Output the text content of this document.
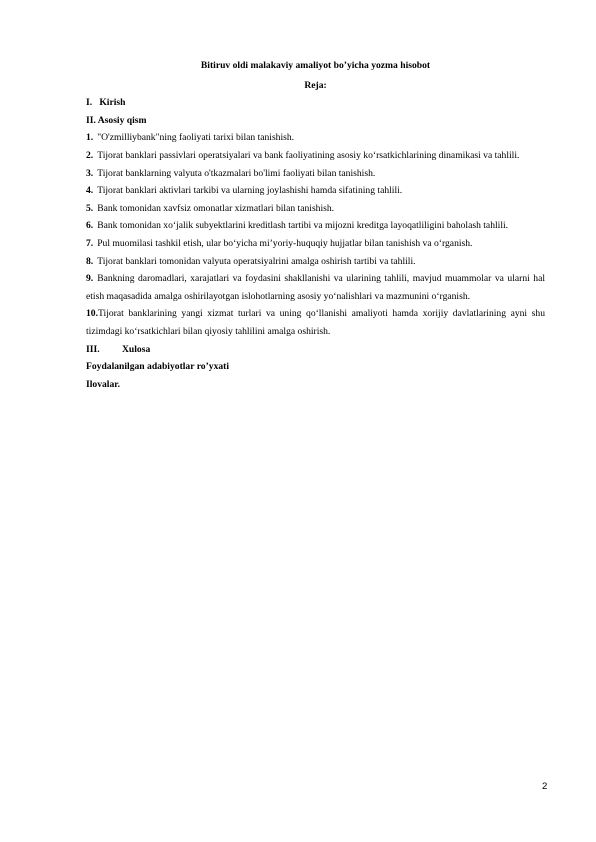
Bitiruv oldi malakaviy amaliyot bo’yicha yozma hisobot

Reja:

I. Kirish

II. Asosiy qism

1. "O'zmilliybank"ning faoliyati tarixi bilan tanishish.

2. Tijorat banklari passivlari operatsiyalari va bank faoliyatining asosiy ko‘rsatkichlarining dinamikasi va tahlili.

3. Tijorat banklarning valyuta o'tkazmalari bo'limi faoliyati bilan tanishish.

4. Tijorat banklari aktivlari tarkibi va ularning joylashishi hamda sifatining tahlili.

5. Bank tomonidan xavfsiz omonatlar xizmatlari bilan tanishish.

6. Bank tomonidan xo‘jalik subyektlarini kreditlash tartibi va mijozni kreditga layoqatliligini baholash tahlili.

7. Pul muomilasi tashkil etish, ular bo‘yicha mi’yoriy-huquqiy hujjatlar bilan tanishish va o‘rganish.

8. Tijorat banklari tomonidan valyuta operatsiyalrini amalga oshirish tartibi va tahlili.

9. Bankning daromadlari, xarajatlari va foydasini shakllanishi va ularining tahlili, mavjud muammolar va ularni hal etish maqasadida amalga oshirilayotgan islohotlarning asosiy yo‘nalishlari va mazmunini o‘rganish.

10.Tijorat banklarining yangi xizmat turlari va uning qo‘llanishi amaliyoti hamda xorijiy davlatlarining ayni shu tizimdagi ko‘rsatkichlari bilan qiyosiy tahlilini amalga oshirish.

III. Xulosa

Foydalanilgan adabiyotlar ro’yxati

Ilovalar.

2
